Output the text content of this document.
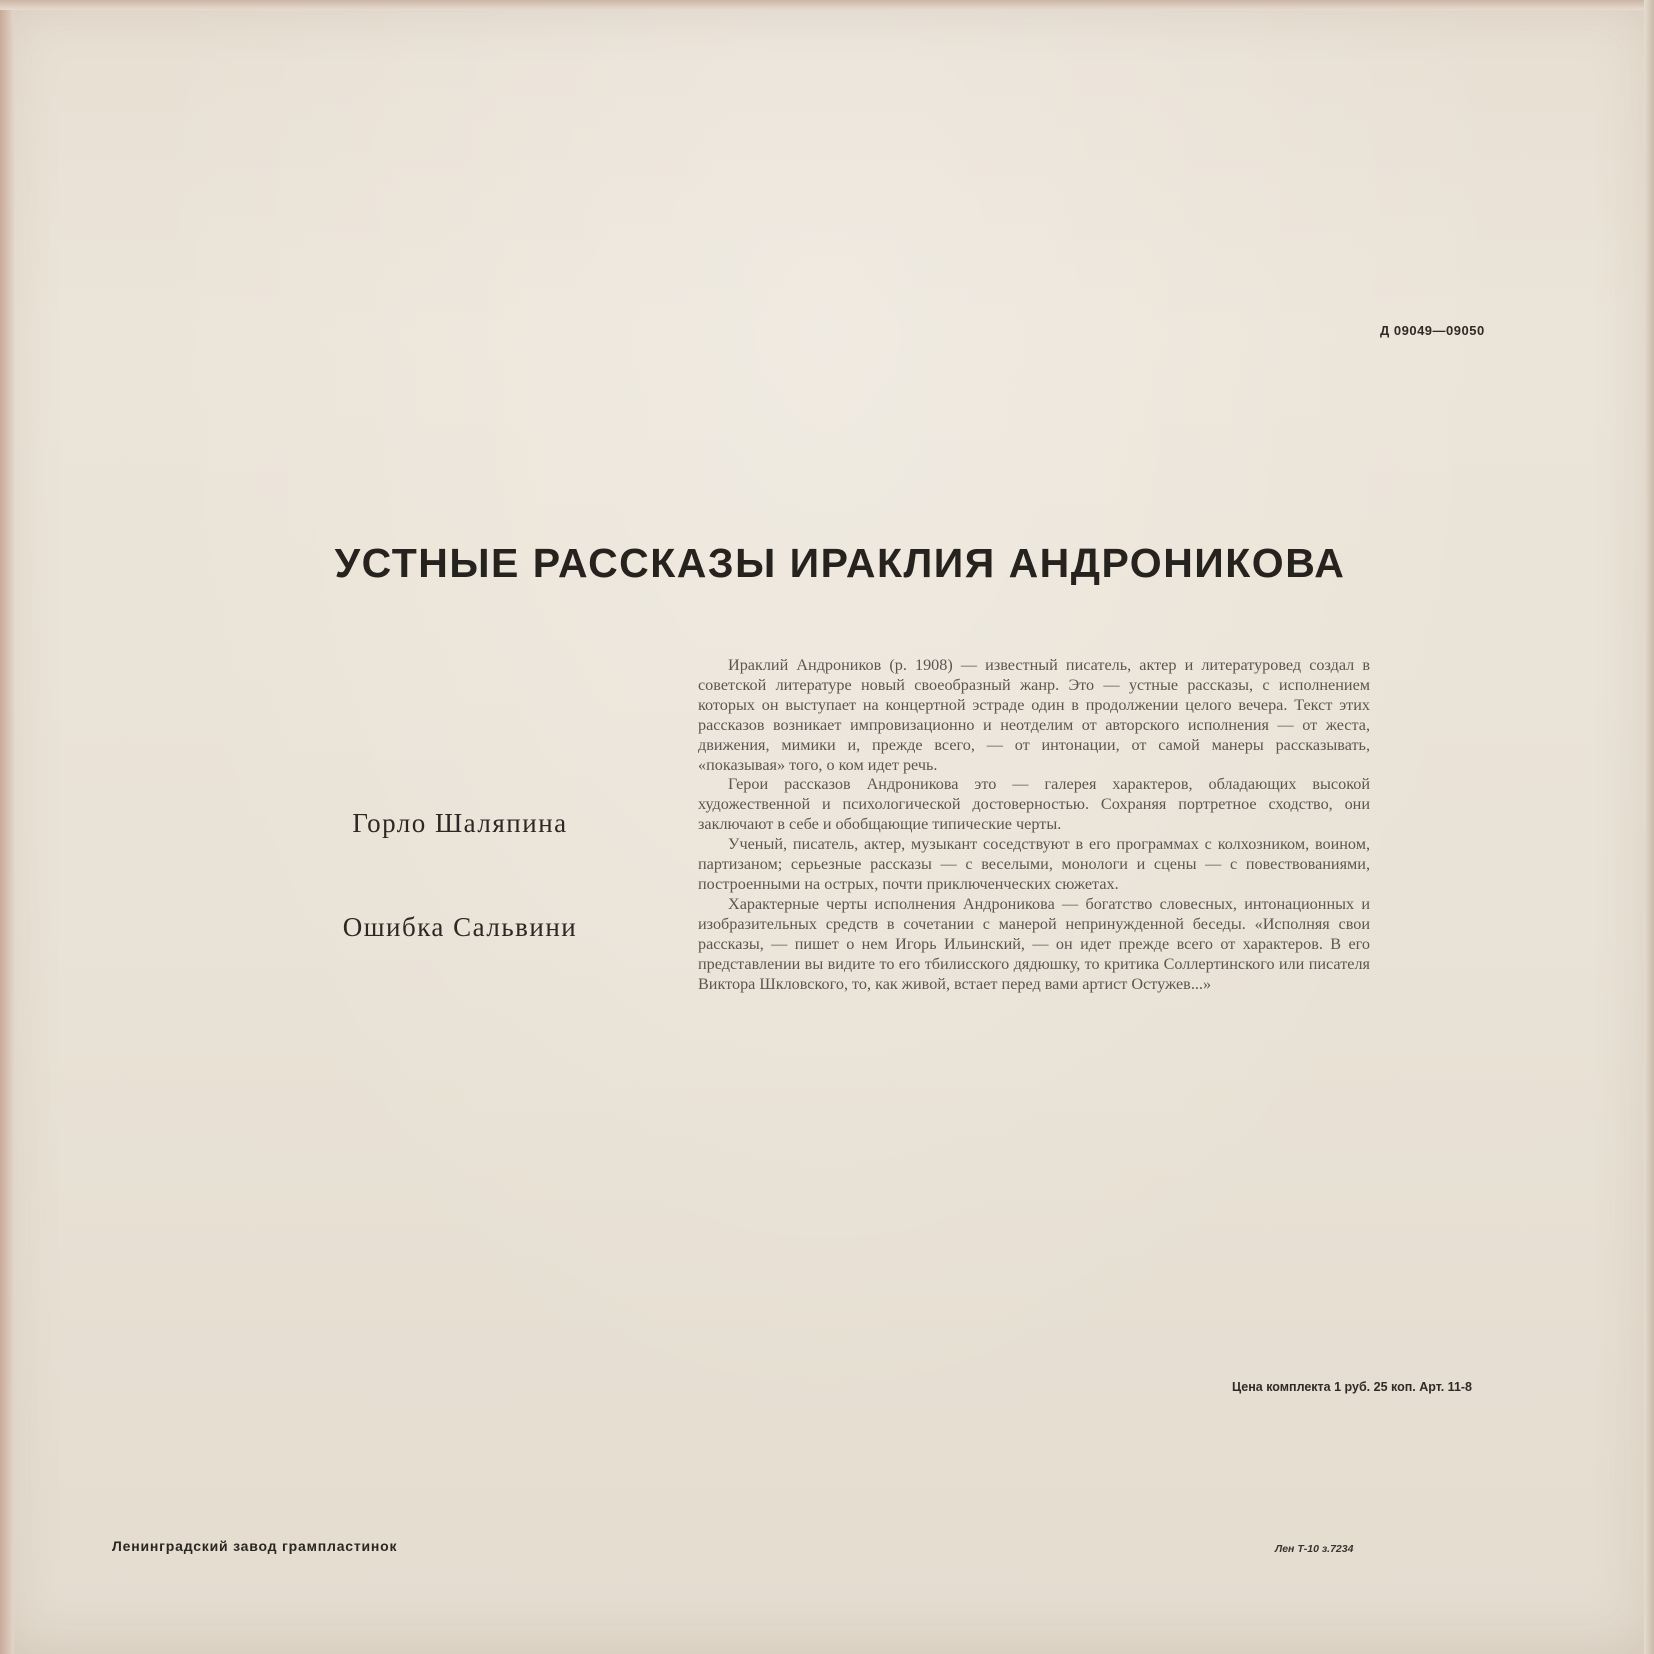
Д 09049—09050
УСТНЫЕ РАССКАЗЫ ИРАКЛИЯ АНДРОНИКОВА
Горло Шаляпина
Ошибка Сальвини

Ираклий Андроников (р. 1908) — известный писатель, актер и литературовед создал в советской литературе новый своеобразный жанр. Это — устные рассказы, с исполнением которых он выступает на концертной эстраде один в продолжении целого вечера. Текст этих рассказов возникает импровизационно и неотделим от авторского исполнения — от жеста, движения, мимики и, прежде всего, — от интонации, от самой манеры рассказывать, «показывая» того, о ком идет речь.

Герои рассказов Андроникова это — галерея характеров, обладающих высокой художественной и психологической достоверностью. Сохраняя портретное сходство, они заключают в себе и обобщающие типические черты.

Ученый, писатель, актер, музыкант соседствуют в его программах с колхозником, воином, партизаном; серьезные рассказы — с веселыми, монологи и сцены — с повествованиями, построенными на острых, почти приключенческих сюжетах.

Характерные черты исполнения Андроникова — богатство словесных, интонационных и изобразительных средств в сочетании с манерой непринужденной беседы. «Исполняя свои рассказы, — пишет о нем Игорь Ильинский, — он идет прежде всего от характеров. В его представлении вы видите то его тбилисского дядюшку, то критика Соллертинского или писателя Виктора Шкловского, то, как живой, встает перед вами артист Остужев...»

Цена комплекта 1 руб. 25 коп. Арт. 11-8
Ленинградский завод грампластинок	Лен Т-10 з.7234
